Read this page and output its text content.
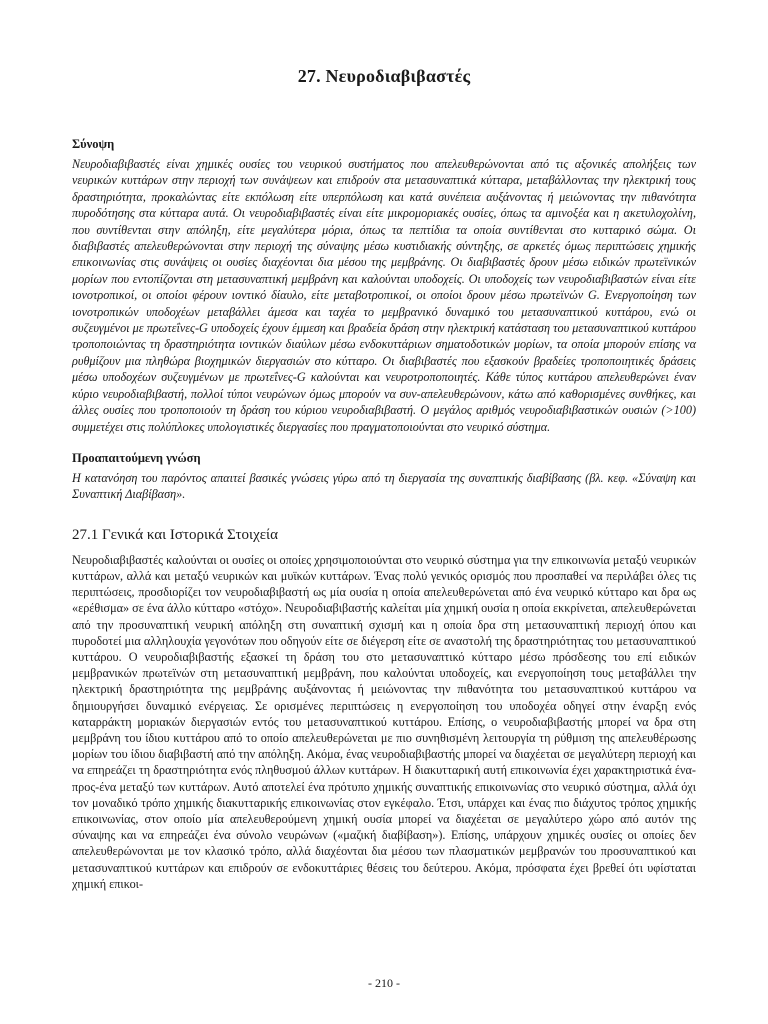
27. Νευροδιαβιβαστές
Σύνοψη

Νευροδιαβιβαστές είναι χημικές ουσίες του νευρικού συστήματος που απελευθερώνονται από τις αξονικές απολήξεις των νευρικών κυττάρων στην περιοχή των συνάψεων και επιδρούν στα μετασυναπτικά κύτταρα, μεταβάλλοντας την ηλεκτρική τους δραστηριότητα, προκαλώντας είτε εκπόλωση είτε υπερπόλωση και κατά συνέπεια αυξάνοντας ή μειώνοντας την πιθανότητα πυροδότησης στα κύτταρα αυτά. Οι νευροδιαβιβαστές είναι είτε μικρομοριακές ουσίες, όπως τα αμινοξέα και η ακετυλοχολίνη, που συντίθενται στην απόληξη, είτε μεγαλύτερα μόρια, όπως τα πεπτίδια τα οποία συντίθενται στο κυτταρικό σώμα. Οι διαβιβαστές απελευθερώνονται στην περιοχή της σύναψης μέσω κυστιδιακής σύντηξης, σε αρκετές όμως περιπτώσεις χημικής επικοινωνίας στις συνάψεις οι ουσίες διαχέονται δια μέσου της μεμβράνης. Οι διαβιβαστές δρουν μέσω ειδικών πρωτεϊνικών μορίων που εντοπίζονται στη μετασυναπτική μεμβράνη και καλούνται υποδοχείς. Οι υποδοχείς των νευροδιαβιβαστών είναι είτε ιονοτροπικοί, οι οποίοι φέρουν ιοντικό δίαυλο, είτε μεταβοτροπικοί, οι οποίοι δρουν μέσω πρωτεϊνών G. Ενεργοποίηση των ιονοτροπικών υποδοχέων μεταβάλλει άμεσα και ταχέα το μεμβρανικό δυναμικό του μετασυναπτικού κυττάρου, ενώ οι συζευγμένοι με πρωτεΐνες-G υποδοχείς έχουν έμμεση και βραδεία δράση στην ηλεκτρική κατάσταση του μετασυναπτικού κυττάρου τροποποιώντας τη δραστηριότητα ιοντικών διαύλων μέσω ενδοκυττάριων σηματοδοτικών μορίων, τα οποία μπορούν επίσης να ρυθμίζουν μια πληθώρα βιοχημικών διεργασιών στο κύτταρο. Οι διαβιβαστές που εξασκούν βραδείες τροποποιητικές δράσεις μέσω υποδοχέων συζευγμένων με πρωτεΐνες-G καλούνται και νευροτροποποιητές. Κάθε τύπος κυττάρου απελευθερώνει έναν κύριο νευροδιαβιβαστή, πολλοί τύποι νευρώνων όμως μπορούν να συν-απελευθερώνουν, κάτω από καθορισμένες συνθήκες, και άλλες ουσίες που τροποποιούν τη δράση του κύριου νευροδιαβιβαστή. Ο μεγάλος αριθμός νευροδιαβιβαστικών ουσιών (>100) συμμετέχει στις πολύπλοκες υπολογιστικές διεργασίες που πραγματοποιούνται στο νευρικό σύστημα.

Προαπαιτούμενη γνώση

Η κατανόηση του παρόντος απαιτεί βασικές γνώσεις γύρω από τη διεργασία της συναπτικής διαβίβασης (βλ. κεφ. «Σύναψη και Συναπτική Διαβίβαση».

27.1 Γενικά και Ιστορικά Στοιχεία

Νευροδιαβιβαστές καλούνται οι ουσίες οι οποίες χρησιμοποιούνται στο νευρικό σύστημα για την επικοινωνία μεταξύ νευρικών κυττάρων, αλλά και μεταξύ νευρικών και μυϊκών κυττάρων. Ένας πολύ γενικός ορισμός που προσπαθεί να περιλάβει όλες τις περιπτώσεις, προσδιορίζει τον νευροδιαβιβαστή ως μία ουσία η οποία απελευθερώνεται από ένα νευρικό κύτταρο και δρα ως «ερέθισμα» σε ένα άλλο κύτταρο «στόχο». Νευροδιαβιβαστής καλείται μία χημική ουσία η οποία εκκρίνεται, απελευθερώνεται από την προσυναπτική νευρική απόληξη στη συναπτική σχισμή και η οποία δρα στη μετασυναπτική περιοχή όπου και πυροδοτεί μια αλληλουχία γεγονότων που οδηγούν είτε σε διέγερση είτε σε αναστολή της δραστηριότητας του μετασυναπτικού κυττάρου. Ο νευροδιαβιβαστής εξασκεί τη δράση του στο μετασυναπτικό κύτταρο μέσω πρόσδεσης του επί ειδικών μεμβρανικών πρωτεϊνών στη μετασυναπτική μεμβράνη, που καλούνται υποδοχείς, και ενεργοποίηση τους μεταβάλλει την ηλεκτρική δραστηριότητα της μεμβράνης αυξάνοντας ή μειώνοντας την πιθανότητα του μετασυναπτικού κυττάρου να δημιουργήσει δυναμικό ενέργειας. Σε ορισμένες περιπτώσεις η ενεργοποίηση του υποδοχέα οδηγεί στην έναρξη ενός καταρράκτη μοριακών διεργασιών εντός του μετασυναπτικού κυττάρου. Επίσης, ο νευροδιαβιβαστής μπορεί να δρα στη μεμβράνη του ίδιου κυττάρου από το οποίο απελευθερώνεται με πιο συνηθισμένη λειτουργία τη ρύθμιση της απελευθέρωσης μορίων του ίδιου διαβιβαστή από την απόληξη. Ακόμα, ένας νευροδιαβιβαστής μπορεί να διαχέεται σε μεγαλύτερη περιοχή και να επηρεάζει τη δραστηριότητα ενός πληθυσμού άλλων κυττάρων. Η διακυτταρική αυτή επικοινωνία έχει χαρακτηριστικά ένα-προς-ένα μεταξύ των κυττάρων. Αυτό αποτελεί ένα πρότυπο χημικής συναπτικής επικοινωνίας στο νευρικό σύστημα, αλλά όχι τον μοναδικό τρόπο χημικής διακυτταρικής επικοινωνίας στον εγκέφαλο. Έτσι, υπάρχει και ένας πιο διάχυτος τρόπος χημικής επικοινωνίας, στον οποίο μία απελευθερούμενη χημική ουσία μπορεί να διαχέεται σε μεγαλύτερο χώρο από αυτόν της σύναψης και να επηρεάζει ένα σύνολο νευρώνων («μαζική διαβίβαση»). Επίσης, υπάρχουν χημικές ουσίες οι οποίες δεν απελευθερώνονται με τον κλασικό τρόπο, αλλά διαχέονται δια μέσου των πλασματικών μεμβρανών του προσυναπτικού και μετασυναπτικού κυττάρων και επιδρούν σε ενδοκυττάριες θέσεις του δεύτερου. Ακόμα, πρόσφατα έχει βρεθεί ότι υφίσταται χημική επικοι-

- 210 -
